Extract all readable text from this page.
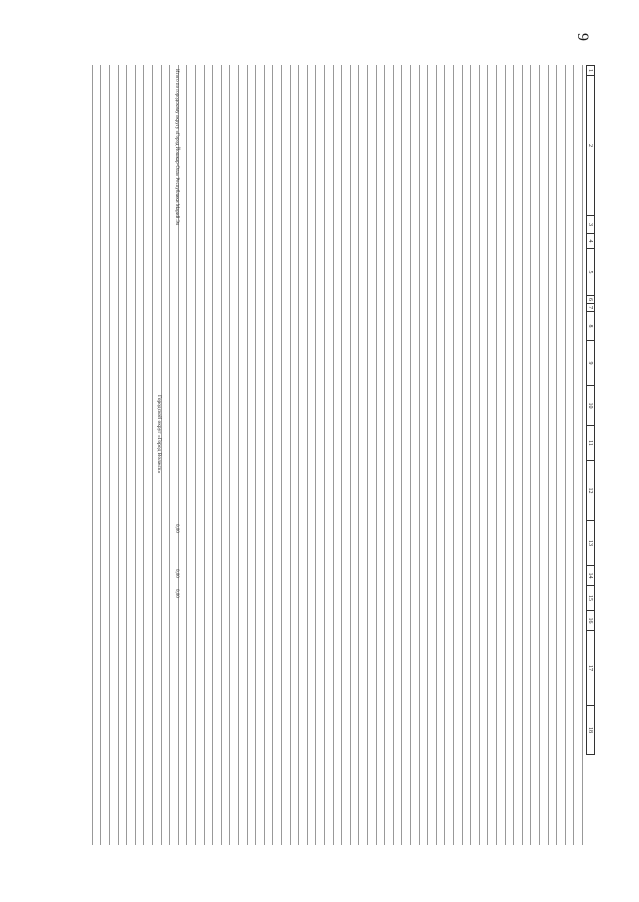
9
1
2
3
4
5
6
7
8
9
10
11
12
13
14
15
16
17
18
Итого по городскому округу «Город Йошкар-Ола» Республики Марий Эл
0,00
0,00
0,00
Городской округ «Город Волжск»
